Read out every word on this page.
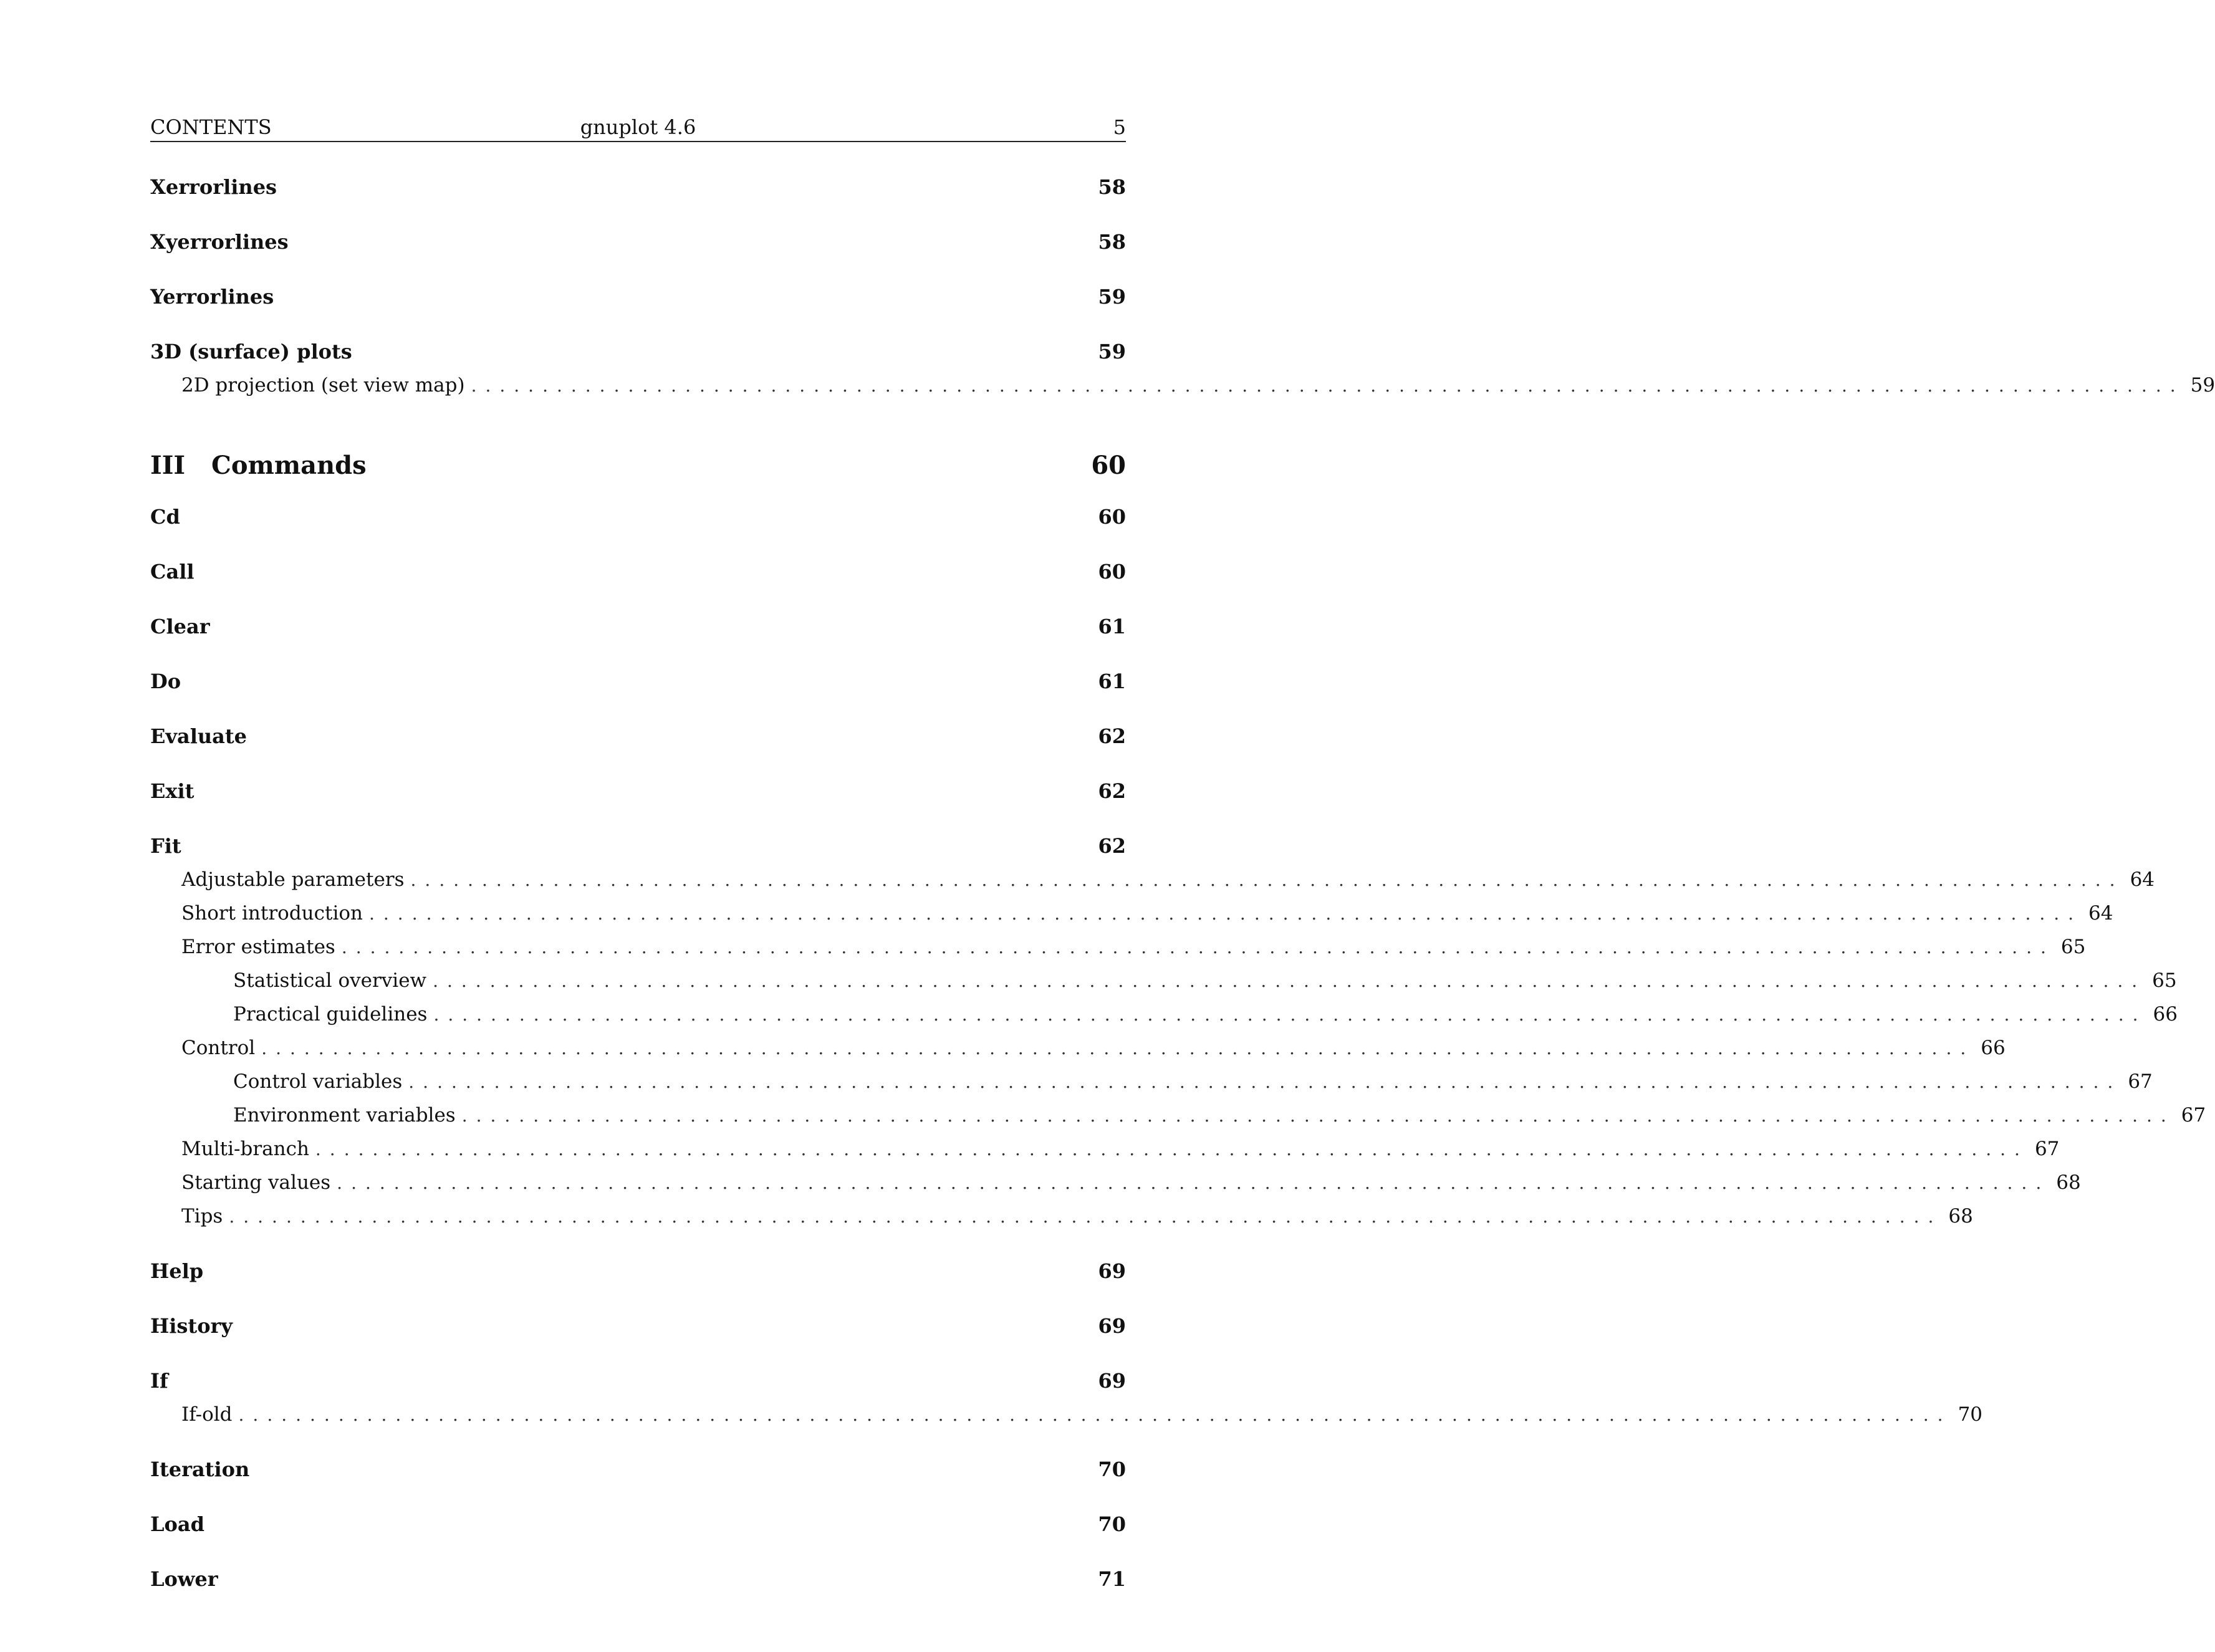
CONTENTS	gnuplot 4.6	5
Xerrorlines	58
Xyerrorlines	58
Yerrorlines	59
3D (surface) plots	59
2D projection (set view map) ........................................................................................................................ 59
III Commands	60
Cd	60
Call	60
Clear	61
Do	61
Evaluate	62
Exit	62
Fit	62
Adjustable parameters ........................................................................................................................ 64
Short introduction ........................................................................................................................ 64
Error estimates ........................................................................................................................ 65
Statistical overview ........................................................................................................................ 65
Practical guidelines ........................................................................................................................ 66
Control ........................................................................................................................ 66
Control variables ........................................................................................................................ 67
Environment variables ........................................................................................................................ 67
Multi-branch ........................................................................................................................ 67
Starting values ........................................................................................................................ 68
Tips ........................................................................................................................ 68
Help	69
History	69
If	69
If-old ........................................................................................................................ 70
Iteration	70
Load	70
Lower	71
